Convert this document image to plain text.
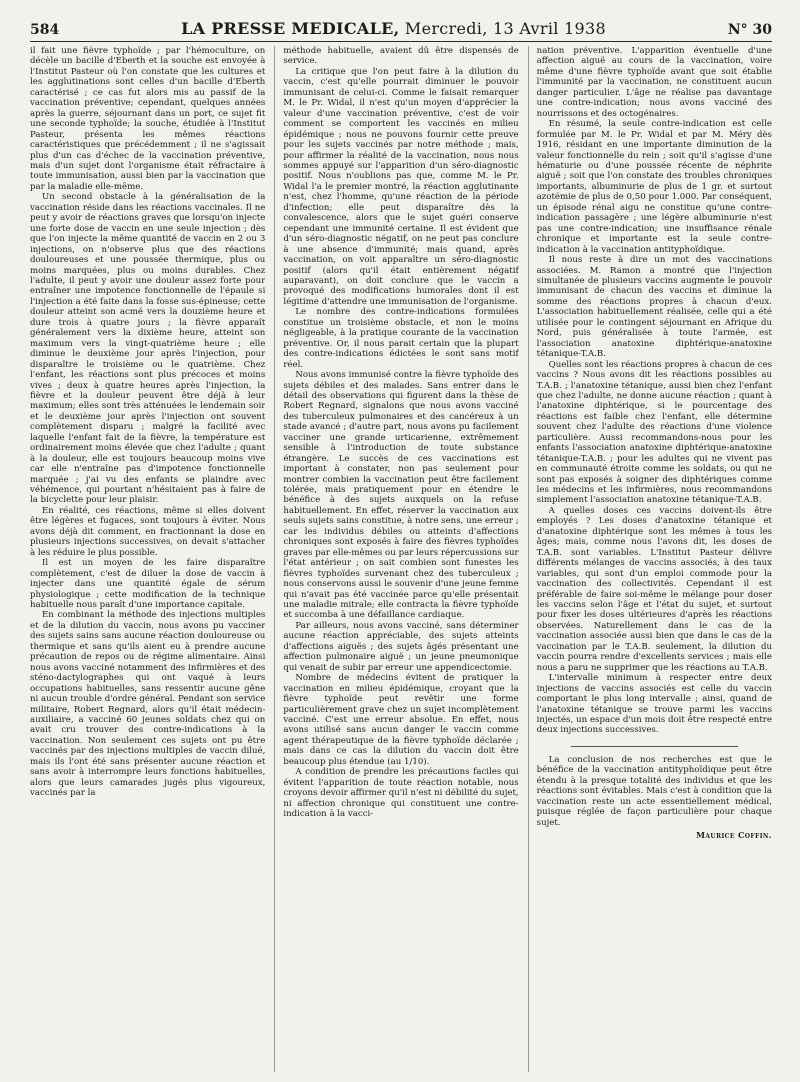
584	LA PRESSE MEDICALE, Mercredi, 13 Avril 1938	N° 30

il fait une fièvre typhoïde ; par l'hémoculture, on décèle un bacille d'Eberth et la souche est envoyée à l'Institut Pasteur où l'on constate que les cultures et les agglutinations sont celles d'un bacille d'Eberth caractérisé ; ce cas fut alors mis au passif de la vaccination préventive; cependant, quelques années après la guerre, séjournant dans un port, ce sujet fit une seconde typhoïde; la souche, étudiée à l'Institut Pasteur, présenta les mêmes réactions caractéristiques que précédemment ; il ne s'agissait plus d'un cas d'échec de la vaccination préventive, mais d'un sujet dont l'organisme était réfractaire à toute immunisation, aussi bien par la vaccination que par la maladie elle-même.

Un second obstacle à la généralisation de la vaccination réside dans les réactions vaccinales. Il ne peut y avoir de réactions graves que lorsqu'on injecte une forte dose de vaccin en une seule injection ; dès que l'on injecte la même quantité de vaccin en 2 ou 3 injections, on n'observe plus que des réactions douloureuses et une poussée thermique, plus ou moins marquées, plus ou moins durables. Chez l'adulte, il peut y avoir une douleur assez forte pour entraîner une impotence fonctionnelle de l'épaule si l'injection a été faite dans la fosse sus-épineuse; cette douleur atteint son acmé vers la douzième heure et dure trois à quatre jours ; la fièvre apparaît généralement vers la dixième heure, atteint son maximum vers la vingt-quatrième heure ; elle diminue le deuxième jour après l'injection, pour disparaître le troisième ou le quatrième. Chez l'enfant, les réactions sont plus précoces et moins vives ; deux à quatre heures après l'injection, la fièvre et la douleur peuvent être déjà à leur maximum; elles sont très atténuées le lendemain soir et le deuxième jour après l'injection ont souvent complètement disparu ; malgré la facilité avec laquelle l'enfant fait de la fièvre, la température est ordinairement moins élevée que chez l'adulte ; quant à la douleur, elle est toujours beaucoup moins vive car elle n'entraîne pas d'impotence fonctionnelle marquée ; j'ai vu des enfants se plaindre avec véhémence, qui pourtant n'hésitaient pas à faire de la bicyclette pour leur plaisir.

En réalité, ces réactions, même si elles doivent être légères et fugaces, sont toujours à éviter. Nous avons déjà dit comment, en fractionnant la dose en plusieurs injections successives, on devait s'attacher à les réduire le plus possible.

Il est un moyen de les faire disparaître complètement, c'est de diluer la dose de vaccin à injecter dans une quantité égale de sérum physiologique ; cette modification de la technique habituelle nous paraît d'une importance capitale.

En combinant la méthode des injections multiples et de la dilution du vaccin, nous avons pu vacciner des sujets sains sans aucune réaction douloureuse ou thermique et sans qu'ils aient eu à prendre aucune précaution de repos ou de régime alimentaire. Ainsi nous avons vacciné notamment des infirmières et des sténo-dactylographes qui ont vaqué à leurs occupations habituelles, sans ressentir aucune gêne ni aucun trouble d'ordre général. Pendant son service militaire, Robert Regnard, alors qu'il était médecin-auxiliaire, a vacciné 60 jeunes soldats chez qui on avait cru trouver des contre-indications à la vaccination. Non seulement ces sujets ont pu être vaccinés par des injections multiples de vaccin dilué, mais ils l'ont été sans présenter aucune réaction et sans avoir à interrompre leurs fonctions habituelles, alors que leurs camarades jugés plus vigoureux, vaccinés par la

méthode habituelle, avaient dû être dispensés de service.

La critique que l'on peut faire à la dilution du vaccin, c'est qu'elle pourrait diminuer le pouvoir immunisant de celui-ci. Comme le faisait remarquer M. le Pr. Widal, il n'est qu'un moyen d'apprécier la valeur d'une vaccination préventive, c'est de voir comment se comportent les vaccinés en milieu épidémique ; nous ne pouvons fournir cette preuve pour les sujets vaccinés par notre méthode ; mais, pour affirmer la réalité de la vaccination, nous nous sommes appuyé sur l'apparition d'un séro-diagnostic positif. Nous n'oublions pas que, comme M. le Pr. Widal l'a le premier montré, la réaction agglutinante n'est, chez l'homme, qu'une réaction de la période d'infection; elle peut disparaître dès la convalescence, alors que le sujet guéri conserve cependant une immunité certaine. Il est évident que d'un séro-diagnostic négatif, on ne peut pas conclure à une absence d'immunité; mais quand, après vaccination, on voit apparaître un séro-diagnostic positif (alors qu'il était entièrement négatif auparavant), on doit conclure que le vaccin a provoqué des modifications humorales dont il est légitime d'attendre une immunisation de l'organisme.

Le nombre des contre-indications formulées constitue un troisième obstacle, et non le moins négligeable, à la pratique courante de la vaccination préventive. Or, il nous parait certain que la plupart des contre-indications édictées le sont sans motif réel.

Nous avons immunisé contre la fièvre typhoïde des sujets débiles et des malades. Sans entrer dans le détail des observations qui figurent dans la thèse de Robert Regnard, signalons que nous avons vacciné des tuberculeux pulmonaires et des cancéreux à un stade avancé ; d'autre part, nous avons pu facilement vacciner une grande urticarienne, extrêmement sensible à l'introduction de toute substance étrangère. Le succès de ces vaccinations est important à constater, non pas seulement pour montrer combien la vaccination peut être facilement tolérée, mais pratiquement pour en étendre le bénéfice à des sujets auxquels on la refuse habituellement. En effet, réserver la vaccination aux seuls sujets sains constitue, à notre sens, une erreur ; car les individus débiles ou atteints d'affections chroniques sont exposés à faire des fièvres typhoïdes graves par elle-mêmes ou par leurs répercussions sur l'état antérieur ; on sait combien sont funestes les fièvres typhoïdes survenant chez des tuberculeux ; nous conservons aussi le souvenir d'une jeune femme qui n'avait pas été vaccinée parce qu'elle présentait une maladie mitrale; elle contracta la fièvre typhoïde et succomba à une défaillance cardiaque.

Par ailleurs, nous avons vacciné, sans déterminer aucune réaction appréciable, des sujets atteints d'affections aiguës ; des sujets âgés présentant une affection pulmonaire aiguë ; un jeune pneumonique qui venait de subir par erreur une appendicectomie.

Nombre de médecins évitent de pratiquer la vaccination en milieu épidémique, croyant que la fièvre typhoïde peut revêtir une forme particulièrement grave chez un sujet incomplètement vacciné. C'est une erreur absolue. En effet, nous avons utilisé sans aucun danger le vaccin comme agent thérapeutique de la fièvre typhoïde déclarée ; mais dans ce cas la dilution du vaccin doit être beaucoup plus étendue (au 1/10).

A condition de prendre les précautions faciles qui évitent l'apparition de toute réaction notable, nous croyons devoir affirmer qu'il n'est ni débilité du sujet, ni affection chronique qui constituent une contre-indication à la vacci-

nation préventive. L'apparition éventuelle d'une affection aiguë au cours de la vaccination, voire même d'une fièvre typhoïde avant que soit établie l'immunité par la vaccination, ne constituent aucun danger particulier. L'âge ne réalise pas davantage une contre-indication; nous avons vacciné des nourrissons et des octogénaires.

En résumé, la seule contre-indication est celle formulée par M. le Pr. Widal et par M. Méry dès 1916, résidant en une importante diminution de la valeur fonctionnelle du rein ; soit qu'il s'agisse d'une hématurie ou d'une poussée récente de néphrite aiguë ; soit que l'on constate des troubles chroniques importants, albuminurie de plus de 1 gr. et surtout azotémie de plus de 0,50 pour 1.000. Par conséquent, un épisode rénal aigu ne constitue qu'une contre-indication passagère ; une légère albuminurie n'est pas une contre-indication; une insuffisance rénale chronique et importante est la seule contre-indication à la vaccination antityphoïdique.

Il nous reste à dire un mot des vaccinations associées. M. Ramon a montré que l'injection simultanée de plusieurs vaccins augmente le pouvoir immunisant de chacun des vaccins et diminue la somme des réactions propres à chacun d'eux. L'association habituellement réalisée, celle qui a été utilisée pour le contingent séjournant en Afrique du Nord, puis généralisée à toute l'armée, est l'association anatoxine diphtérique-anatoxine tétanique-T.A.B.

Quelles sont les réactions propres à chacun de ces vaccins ? Nous avons dit les réactions possibles au T.A.B. ; l'anatoxine tétanique, aussi bien chez l'enfant que chez l'adulte, ne donne aucune réaction ; quant à l'anatoxine diphtérique, si le pourcentage des réactions est faible chez l'enfant, elle détermine souvent chez l'adulte des réactions d'une violence particulière. Aussi recommandons-nous pour les enfants l'association anatoxine diphtérique-anatoxine tétanique-T.A.B. ; pour les adultes qui ne vivent pas en communauté étroite comme les soldats, ou qui ne sont pas exposés à soigner des diphtériques comme les médecins et les infirmières, nous recommandons simplement l'association anatoxine tétanique-T.A.B.

A quelles doses ces vaccins doivent-ils être employés ? Les doses d'anatoxine tétanique et d'anatoxine diphtérique sont les mêmes à tous les âges; mais, comme nous l'avons dit, les doses de T.A.B. sont variables. L'Institut Pasteur délivre différents mélanges de vaccins associés, à des taux variables, qui sont d'un emploi commode pour la vaccination des collectivités. Cependant il est préférable de faire soi-même le mélange pour doser les vaccins selon l'âge et l'état du sujet, et surtout pour fixer les doses ultérieures d'après les réactions observées. Naturellement dans le cas de la vaccination associée aussi bien que dans le cas de la vaccination par le T.A.B. seulement, la dilution du vaccin pourra rendre d'excellents services ; mais elle nous a paru ne supprimer que les réactions au T.A.B.

L'intervalle minimum à respecter entre deux injections de vaccins associés est celle du vaccin comportant le plus long intervalle ; ainsi, quand de l'anatoxine tétanique se trouve parmi les vaccins injectés, un espace d'un mois doit être respecté entre deux injections successives.

La conclusion de nos recherches est que le bénéfice de la vaccination antityphoïdique peut être étendu à la presque totalité des individus et que les réactions sont évitables. Mais c'est à condition que la vaccination reste un acte essentiellement médical, puisque réglée de façon particulière pour chaque sujet.

Maurice Coffin.
